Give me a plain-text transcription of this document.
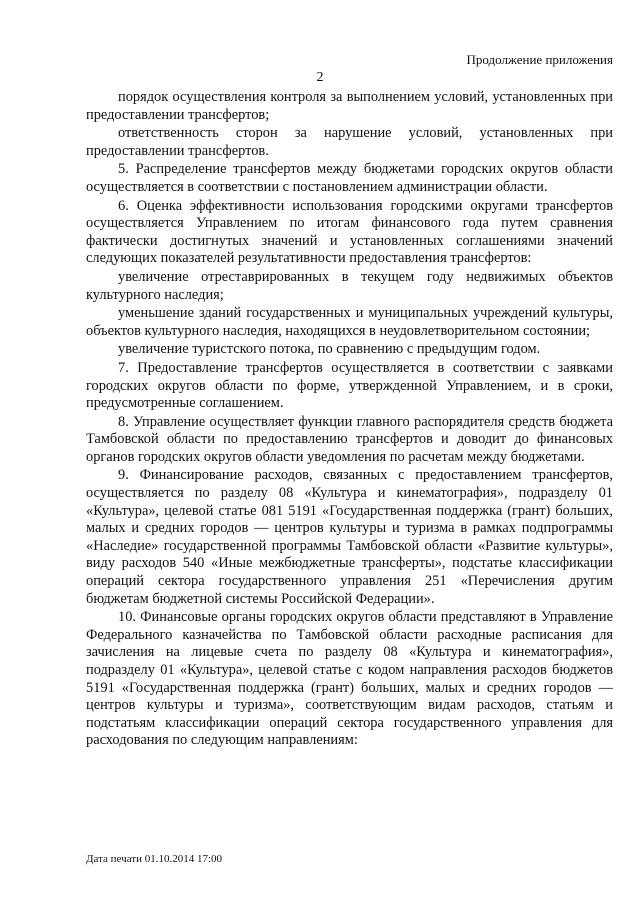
Продолжение приложения
2

порядок осуществления контроля за выполнением условий, установленных при предоставлении трансфертов;

ответственность сторон за нарушение условий, установленных при предоставлении трансфертов.

5. Распределение трансфертов между бюджетами городских округов области осуществляется в соответствии с постановлением администрации области.

6. Оценка эффективности использования городскими округами трансфертов осуществляется Управлением по итогам финансового года путем сравнения фактически достигнутых значений и установленных соглашениями значений следующих показателей результативности предоставления трансфертов:

увеличение отреставрированных в текущем году недвижимых объектов культурного наследия;

уменьшение зданий государственных и муниципальных учреждений культуры, объектов культурного наследия, находящихся в неудовлетворительном состоянии;

увеличение туристского потока, по сравнению с предыдущим годом.

7. Предоставление трансфертов осуществляется в соответствии с заявками городских округов области по форме, утвержденной Управлением, и в сроки, предусмотренные соглашением.

8. Управление осуществляет функции главного распорядителя средств бюджета Тамбовской области по предоставлению трансфертов и доводит до финансовых органов городских округов области уведомления по расчетам между бюджетами.

9. Финансирование расходов, связанных с предоставлением трансфертов, осуществляется по разделу 08 «Культура и кинематография», подразделу 01 «Культура», целевой статье 081 5191 «Государственная поддержка (грант) больших, малых и средних городов — центров культуры и туризма в рамках подпрограммы «Наследие» государственной программы Тамбовской области «Развитие культуры», виду расходов 540 «Иные межбюджетные трансферты», подстатье классификации операций сектора государственного управления 251 «Перечисления другим бюджетам бюджетной системы Российской Федерации».

10. Финансовые органы городских округов области представляют в Управление Федерального казначейства по Тамбовской области расходные расписания для зачисления на лицевые счета по разделу 08 «Культура и кинематография», подразделу 01 «Культура», целевой статье с кодом направления расходов бюджетов 5191 «Государственная поддержка (грант) больших, малых и средних городов — центров культуры и туризма», соответствующим видам расходов, статьям и подстатьям классификации операций сектора государственного управления для расходования по следующим направлениям:

Дата печати 01.10.2014 17:00
